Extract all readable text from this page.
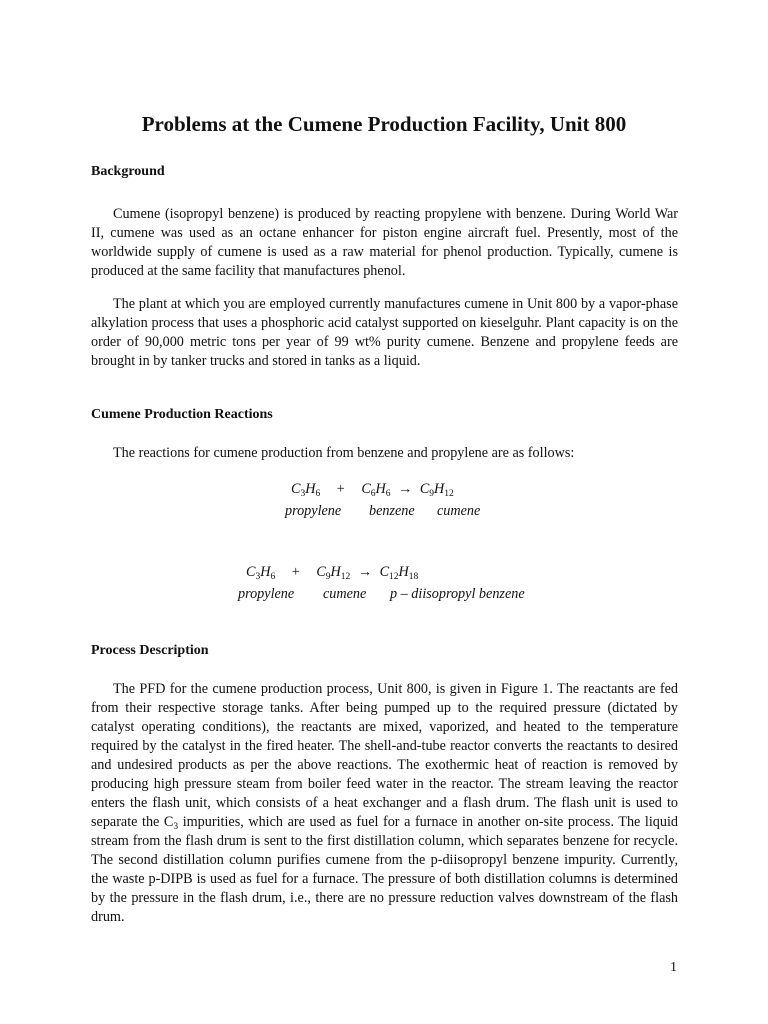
Problems at the Cumene Production Facility, Unit 800
Background

Cumene (isopropyl benzene) is produced by reacting propylene with benzene. During World War II, cumene was used as an octane enhancer for piston engine aircraft fuel. Presently, most of the worldwide supply of cumene is used as a raw material for phenol production. Typically, cumene is produced at the same facility that manufactures phenol.

The plant at which you are employed currently manufactures cumene in Unit 800 by a vapor-phase alkylation process that uses a phosphoric acid catalyst supported on kieselguhr. Plant capacity is on the order of 90,000 metric tons per year of 99 wt% purity cumene. Benzene and propylene feeds are brought in by tanker trucks and stored in tanks as a liquid.

Cumene Production Reactions

The reactions for cumene production from benzene and propylene are as follows:

$C_3H_6 + C_6H_6 \to C_9H_{12}$
propylene benzene cumene
$C_3H_6 + C_9H_{12} \to C_{12}H_{18}$
propylene cumene p – diisopropyl benzene
Process Description

The PFD for the cumene production process, Unit 800, is given in Figure 1. The reactants are fed from their respective storage tanks. After being pumped up to the required pressure (dictated by catalyst operating conditions), the reactants are mixed, vaporized, and heated to the temperature required by the catalyst in the fired heater. The shell-and-tube reactor converts the reactants to desired and undesired products as per the above reactions. The exothermic heat of reaction is removed by producing high pressure steam from boiler feed water in the reactor. The stream leaving the reactor enters the flash unit, which consists of a heat exchanger and a flash drum. The flash unit is used to separate the $C_3$ impurities, which are used as fuel for a furnace in another on-site process. The liquid stream from the flash drum is sent to the first distillation column, which separates benzene for recycle. The second distillation column purifies cumene from the p-diisopropyl benzene impurity. Currently, the waste p-DIPB is used as fuel for a furnace. The pressure of both distillation columns is determined by the pressure in the flash drum, i.e., there are no pressure reduction valves downstream of the flash drum.

1
